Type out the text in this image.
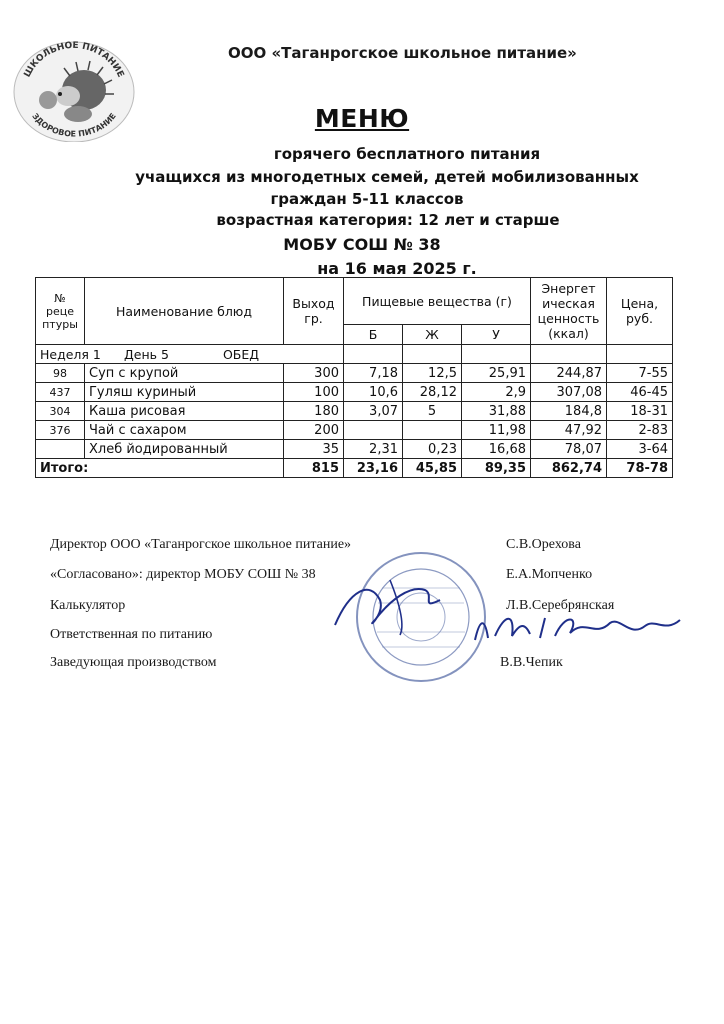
ШКОЛЬНОЕ ПИТАНИЕ
ЗДОРОВОЕ ПИТАНИЕ
ООО «Таганрогское школьное питание»
МЕНЮ
горячего бесплатного питания
учащихся из многодетных семей, детей мобилизованных
граждан 5-11 классов
возрастная категория: 12 лет и старше
МОБУ СОШ № 38
на 16 мая 2025 г.
№ реце птуры	Наименование блюд	Выход гр.	Пищевые вещества (г)			Энергет ическая ценность (ккал)	Цена, руб.
			Б	Ж	У		
Неделя 1 День 5 ОБЕД							
98	Суп с крупой	300	7,18	12,5	25,91	244,87	7-55
437	Гуляш куриный	100	10,6	28,12	2,9	307,08	46-45
304	Каша рисовая	180	3,07	5	31,88	184,8	18-31
376	Чай с сахаром	200			11,98	47,92	2-83
	Хлеб йодированный	35	2,31	0,23	16,68	78,07	3-64
Итого:		815	23,16	45,85	89,35	862,74	78-78
Директор ООО «Таганрогское школьное питание»	С.В.Орехова
«Согласовано»: директор МОБУ СОШ № 38	Е.А.Мопченко
Калькулятор	Л.В.Серебрянская
Ответственная по питанию
Заведующая производством	В.В.Чепик
